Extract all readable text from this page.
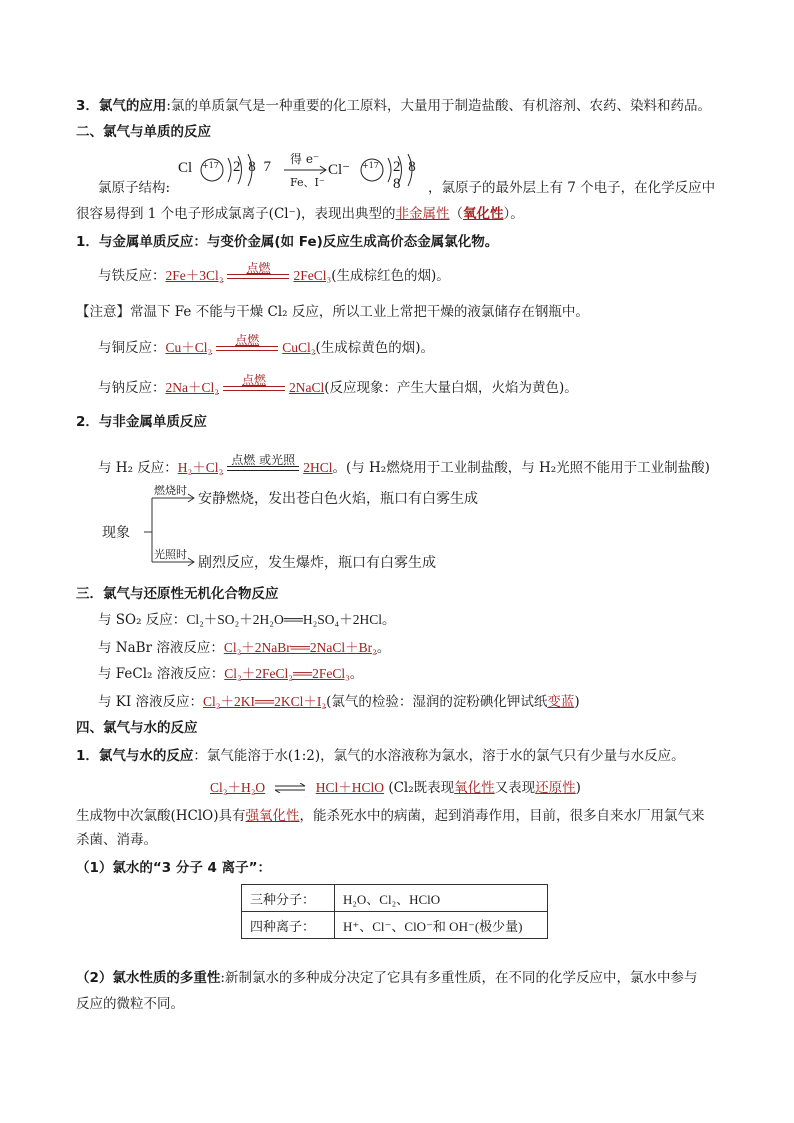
3．氯气的应用:氯的单质氯气是一种重要的化工原料，大量用于制造盐酸、有机溶剂、农药、染料和药品。
二、氯气与单质的反应
Cl +17 2 8 7 得 e⁻
Fe、I⁻
Cl⁻ +17 2 8 8
氯原子结构:	，氯原子的最外层上有 7 个电子，在化学反应中
很容易得到 1 个电子形成氯离子(Cl⁻)，表现出典型的非金属性（氧化性）。
1．与金属单质反应：与变价金属(如 Fe)反应生成高价态金属氯化物。
与铁反应：2Fe＋3Cl₂	点燃	2FeCl₃(生成棕红色的烟)。
【注意】常温下 Fe 不能与干燥 Cl₂ 反应，所以工业上常把干燥的液氯储存在钢瓶中。
与铜反应：Cu＋Cl₂	点燃	CuCl₂(生成棕黄色的烟)。
与钠反应：2Na＋Cl₂	点燃	2NaCl(反应现象：产生大量白烟，火焰为黄色)。
2．与非金属单质反应
与 H₂ 反应：H₂＋Cl₂ 点燃 或光照 2HCl。(与 H₂燃烧用于工业制盐酸，与 H₂光照不能用于工业制盐酸)
现象
燃烧时
安静燃烧，发出苍白色火焰，瓶口有白雾生成
光照时
剧烈反应，发生爆炸，瓶口有白雾生成
三．氯气与还原性无机化合物反应
与 SO₂ 反应：Cl₂＋SO₂＋2H₂O══H₂SO₄＋2HCl。
与 NaBr 溶液反应：Cl₂＋2NaBr══2NaCl＋Br₂。
与 FeCl₂ 溶液反应：Cl₂＋2FeCl₂══2FeCl₃。
与 KI 溶液反应：Cl₂＋2KI══2KCl＋I₂(氯气的检验：湿润的淀粉碘化钾试纸变蓝)
四、氯气与水的反应
1．氯气与水的反应：氯气能溶于水(1:2)，氯气的水溶液称为氯水，溶于水的氯气只有少量与水反应。
Cl₂＋H₂O ⇌ HCl＋HClO (Cl₂既表现氧化性又表现还原性)
生成物中次氯酸(HClO)具有强氧化性，能杀死水中的病菌，起到消毒作用，目前，很多自来水厂用氯气来
杀菌、消毒。
（1）氯水的“3 分子 4 离子”：
三种分子：	H₂O、Cl₂、HClO
四种离子：	H⁺、Cl⁻、ClO⁻和 OH⁻(极少量)
（2）氯水性质的多重性:新制氯水的多种成分决定了它具有多重性质，在不同的化学反应中，氯水中参与
反应的微粒不同。
